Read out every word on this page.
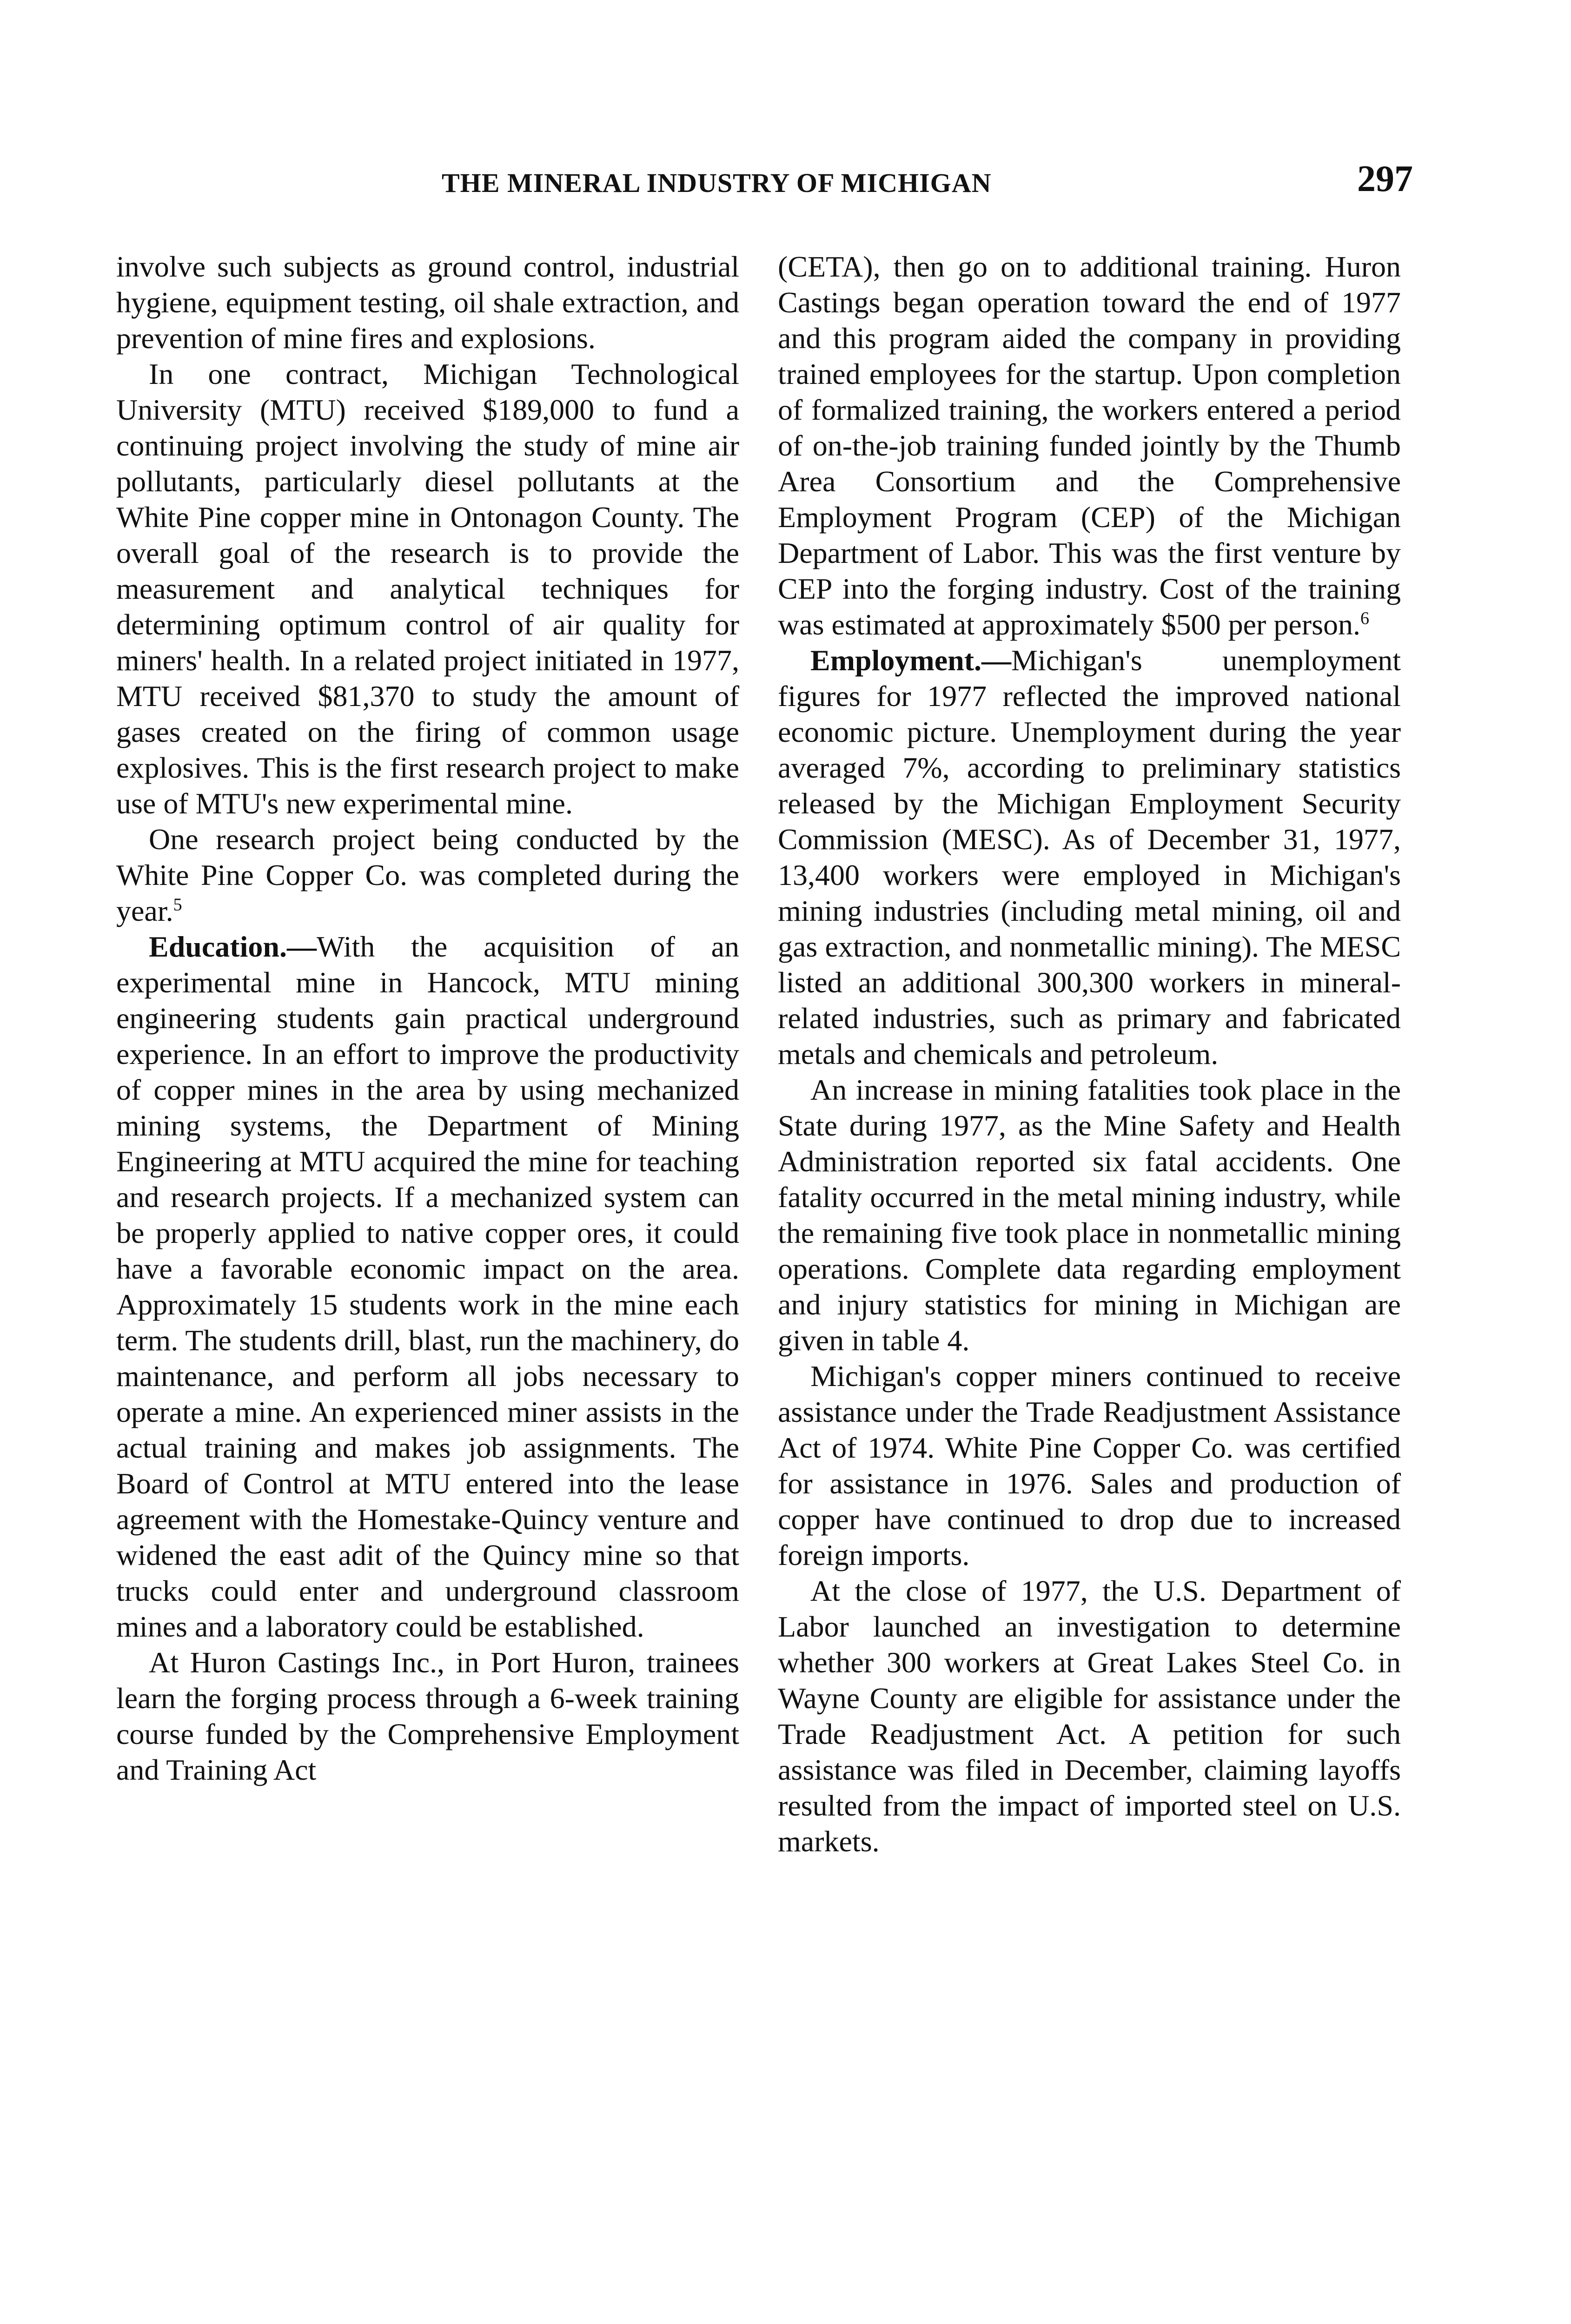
THE MINERAL INDUSTRY OF MICHIGAN	297

involve such subjects as ground control, industrial hygiene, equipment testing, oil shale extraction, and prevention of mine fires and explosions.

In one contract, Michigan Technological University (MTU) received $189,000 to fund a continuing project involving the study of mine air pollutants, particularly diesel pollutants at the White Pine copper mine in Ontonagon County. The overall goal of the research is to provide the measurement and analytical techniques for determining optimum control of air quality for miners' health. In a related project initiated in 1977, MTU received $81,370 to study the amount of gases created on the firing of common usage explosives. This is the first research project to make use of MTU's new experimental mine.

One research project being conducted by the White Pine Copper Co. was completed during the year.$^5$

Education.—With the acquisition of an experimental mine in Hancock, MTU mining engineering students gain practical underground experience. In an effort to improve the productivity of copper mines in the area by using mechanized mining systems, the Department of Mining Engineering at MTU acquired the mine for teaching and research projects. If a mechanized system can be properly applied to native copper ores, it could have a favorable economic impact on the area. Approximately 15 students work in the mine each term. The students drill, blast, run the machinery, do maintenance, and perform all jobs necessary to operate a mine. An experienced miner assists in the actual training and makes job assignments. The Board of Control at MTU entered into the lease agreement with the Homestake-Quincy venture and widened the east adit of the Quincy mine so that trucks could enter and underground classroom mines and a laboratory could be established.

At Huron Castings Inc., in Port Huron, trainees learn the forging process through a 6-week training course funded by the Comprehensive Employment and Training Act

(CETA), then go on to additional training. Huron Castings began operation toward the end of 1977 and this program aided the company in providing trained employees for the startup. Upon completion of formalized training, the workers entered a period of on-the-job training funded jointly by the Thumb Area Consortium and the Comprehensive Employment Program (CEP) of the Michigan Department of Labor. This was the first venture by CEP into the forging industry. Cost of the training was estimated at approximately $500 per person.$^6$

Employment.—Michigan's unemployment figures for 1977 reflected the improved national economic picture. Unemployment during the year averaged 7%, according to preliminary statistics released by the Michigan Employment Security Commission (MESC). As of December 31, 1977, 13,400 workers were employed in Michigan's mining industries (including metal mining, oil and gas extraction, and nonmetallic mining). The MESC listed an additional 300,300 workers in mineral-related industries, such as primary and fabricated metals and chemicals and petroleum.

An increase in mining fatalities took place in the State during 1977, as the Mine Safety and Health Administration reported six fatal accidents. One fatality occurred in the metal mining industry, while the remaining five took place in nonmetallic mining operations. Complete data regarding employment and injury statistics for mining in Michigan are given in table 4.

Michigan's copper miners continued to receive assistance under the Trade Readjustment Assistance Act of 1974. White Pine Copper Co. was certified for assistance in 1976. Sales and production of copper have continued to drop due to increased foreign imports.

At the close of 1977, the U.S. Department of Labor launched an investigation to determine whether 300 workers at Great Lakes Steel Co. in Wayne County are eligible for assistance under the Trade Readjustment Act. A petition for such assistance was filed in December, claiming layoffs resulted from the impact of imported steel on U.S. markets.
